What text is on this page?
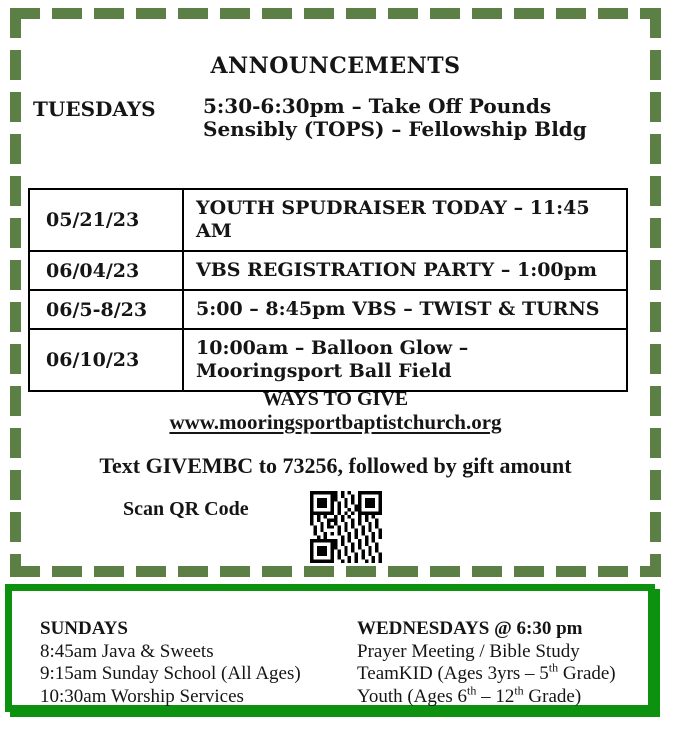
ANNOUNCEMENTS
TUESDAYS 5:30-6:30pm – Take Off Pounds
Sensibly (TOPS) – Fellowship Bldg
05/21/23	YOUTH SPUDRAISER TODAY – 11:45 AM
06/04/23	VBS REGISTRATION PARTY – 1:00pm
06/5-8/23	5:00 – 8:45pm VBS – TWIST & TURNS
06/10/23	10:00am – Balloon Glow – Mooringsport Ball Field
WAYS TO GIVE
www.mooringsportbaptistchurch.org
Text GIVEMBC to 73256, followed by gift amount
Scan QR Code
SUNDAYS
8:45am Java & Sweets
9:15am Sunday School (All Ages)
10:30am Worship Services
WEDNESDAYS @ 6:30 pm
Prayer Meeting / Bible Study
TeamKID (Ages 3yrs – 5th Grade)
Youth (Ages 6th – 12th Grade)
